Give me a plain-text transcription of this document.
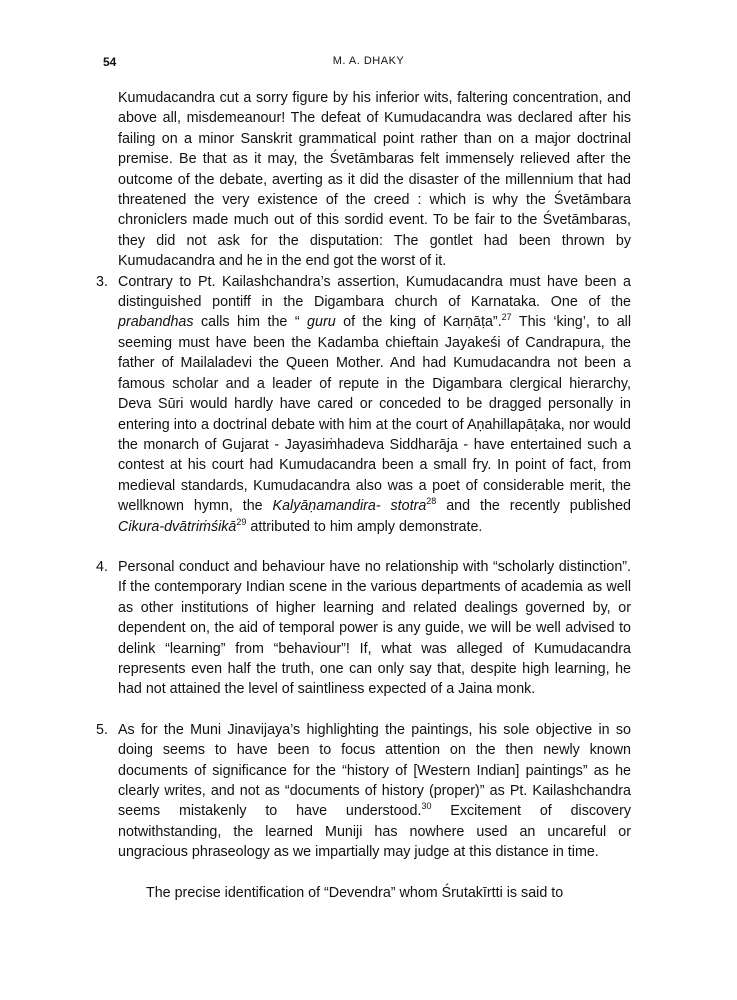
54	M. A. DHAKY

Kumudacandra cut a sorry figure by his inferior wits, faltering concentration, and above all, misdemeanour! The defeat of Kumudacandra was declared after his failing on a minor Sanskrit grammatical point rather than on a major doctrinal premise. Be that as it may, the Śvetāmbaras felt immensely relieved after the outcome of the debate, averting as it did the disaster of the millennium that had threatened the very existence of the creed : which is why the Śvetāmbara chroniclers made much out of this sordid event. To be fair to the Śvetāmbaras, they did not ask for the disputation: The gontlet had been thrown by Kumudacandra and he in the end got the worst of it.

3. Contrary to Pt. Kailashchandra’s assertion, Kumudacandra must have been a distinguished pontiff in the Digambara church of Karnataka. One of the prabandhas calls him the “ guru of the king of Karṇāṭa”.$^{27}$ This ‘king’, to all seeming must have been the Kadamba chieftain Jayakeśi of Candrapura, the father of Mailaladevi the Queen Mother. And had Kumudacandra not been a famous scholar and a leader of repute in the Digambara clergical hierarchy, Deva Sūri would hardly have cared or conceded to be dragged personally in entering into a doctrinal debate with him at the court of Aṇahillapāṭaka, nor would the monarch of Gujarat - Jayasiṁhadeva Siddharāja - have entertained such a contest at his court had Kumudacandra been a small fry. In point of fact, from medieval standards, Kumudacandra also was a poet of considerable merit, the wellknown hymn, the Kalyāṇamandira- stotra$^{28}$ and the recently published Cikura-dvātriṁśikā$^{29}$ attributed to him amply demonstrate.

4. Personal conduct and behaviour have no relationship with “scholarly distinction”. If the contemporary Indian scene in the various departments of academia as well as other institutions of higher learning and related dealings governed by, or dependent on, the aid of temporal power is any guide, we will be well advised to delink “learning” from “behaviour”! If, what was alleged of Kumudacandra represents even half the truth, one can only say that, despite high learning, he had not attained the level of saintliness expected of a Jaina monk.

5. As for the Muni Jinavijaya’s highlighting the paintings, his sole objective in so doing seems to have been to focus attention on the then newly known documents of significance for the “history of [Western Indian] paintings” as he clearly writes, and not as “documents of history (proper)” as Pt. Kailashchandra seems mistakenly to have understood.$^{30}$ Excitement of discovery notwithstanding, the learned Muniji has nowhere used an uncareful or ungracious phraseology as we impartially may judge at this distance in time.

The precise identification of “Devendra” whom Śrutakīrtti is said to
